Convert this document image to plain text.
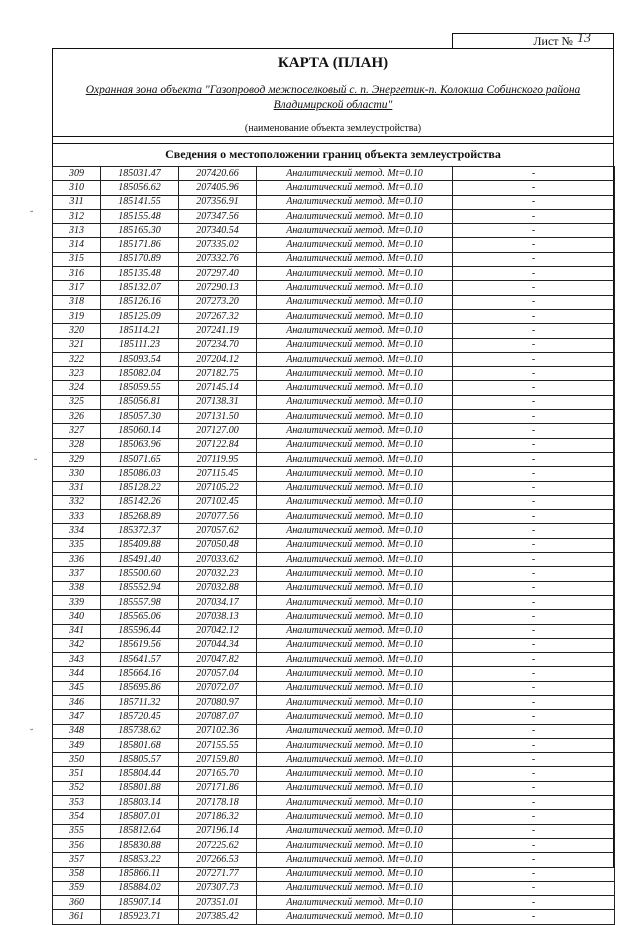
Лист № 13
КАРТА (ПЛАН)
Охранная зона объекта "Газопровод межпоселковый с. п. Энергетик-п. Колокша Собинского района Владимирской области"
(наименование объекта землеустройства)
Сведения о местоположении границ объекта землеустройства
309	185031.47	207420.66	Аналитический метод. Mt=0.10	-
310	185056.62	207405.96	Аналитический метод. Mt=0.10	-
311	185141.55	207356.91	Аналитический метод. Mt=0.10	-
312	185155.48	207347.56	Аналитический метод. Mt=0.10	-
313	185165.30	207340.54	Аналитический метод. Mt=0.10	-
314	185171.86	207335.02	Аналитический метод. Mt=0.10	-
315	185170.89	207332.76	Аналитический метод. Mt=0.10	-
316	185135.48	207297.40	Аналитический метод. Mt=0.10	-
317	185132.07	207290.13	Аналитический метод. Mt=0.10	-
318	185126.16	207273.20	Аналитический метод. Mt=0.10	-
319	185125.09	207267.32	Аналитический метод. Mt=0.10	-
320	185114.21	207241.19	Аналитический метод. Mt=0.10	-
321	185111.23	207234.70	Аналитический метод. Mt=0.10	-
322	185093.54	207204.12	Аналитический метод. Mt=0.10	-
323	185082.04	207182.75	Аналитический метод. Mt=0.10	-
324	185059.55	207145.14	Аналитический метод. Mt=0.10	-
325	185056.81	207138.31	Аналитический метод. Mt=0.10	-
326	185057.30	207131.50	Аналитический метод. Mt=0.10	-
327	185060.14	207127.00	Аналитический метод. Mt=0.10	-
328	185063.96	207122.84	Аналитический метод. Mt=0.10	-
329	185071.65	207119.95	Аналитический метод. Mt=0.10	-
330	185086.03	207115.45	Аналитический метод. Mt=0.10	-
331	185128.22	207105.22	Аналитический метод. Mt=0.10	-
332	185142.26	207102.45	Аналитический метод. Mt=0.10	-
333	185268.89	207077.56	Аналитический метод. Mt=0.10	-
334	185372.37	207057.62	Аналитический метод. Mt=0.10	-
335	185409.88	207050.48	Аналитический метод. Mt=0.10	-
336	185491.40	207033.62	Аналитический метод. Mt=0.10	-
337	185500.60	207032.23	Аналитический метод. Mt=0.10	-
338	185552.94	207032.88	Аналитический метод. Mt=0.10	-
339	185557.98	207034.17	Аналитический метод. Mt=0.10	-
340	185565.06	207038.13	Аналитический метод. Mt=0.10	-
341	185596.44	207042.12	Аналитический метод. Mt=0.10	-
342	185619.56	207044.34	Аналитический метод. Mt=0.10	-
343	185641.57	207047.82	Аналитический метод. Mt=0.10	-
344	185664.16	207057.04	Аналитический метод. Mt=0.10	-
345	185695.86	207072.07	Аналитический метод. Mt=0.10	-
346	185711.32	207080.97	Аналитический метод. Mt=0.10	-
347	185720.45	207087.07	Аналитический метод. Mt=0.10	-
348	185738.62	207102.36	Аналитический метод. Mt=0.10	-
349	185801.68	207155.55	Аналитический метод. Mt=0.10	-
350	185805.57	207159.80	Аналитический метод. Mt=0.10	-
351	185804.44	207165.70	Аналитический метод. Mt=0.10	-
352	185801.88	207171.86	Аналитический метод. Mt=0.10	-
353	185803.14	207178.18	Аналитический метод. Mt=0.10	-
354	185807.01	207186.32	Аналитический метод. Mt=0.10	-
355	185812.64	207196.14	Аналитический метод. Mt=0.10	-
356	185830.88	207225.62	Аналитический метод. Mt=0.10	-
357	185853.22	207266.53	Аналитический метод. Mt=0.10	-
358	185866.11	207271.77	Аналитический метод. Mt=0.10	-
359	185884.02	207307.73	Аналитический метод. Mt=0.10	-
360	185907.14	207351.01	Аналитический метод. Mt=0.10	-
361	185923.71	207385.42	Аналитический метод. Mt=0.10	-
˘
˘
˘
